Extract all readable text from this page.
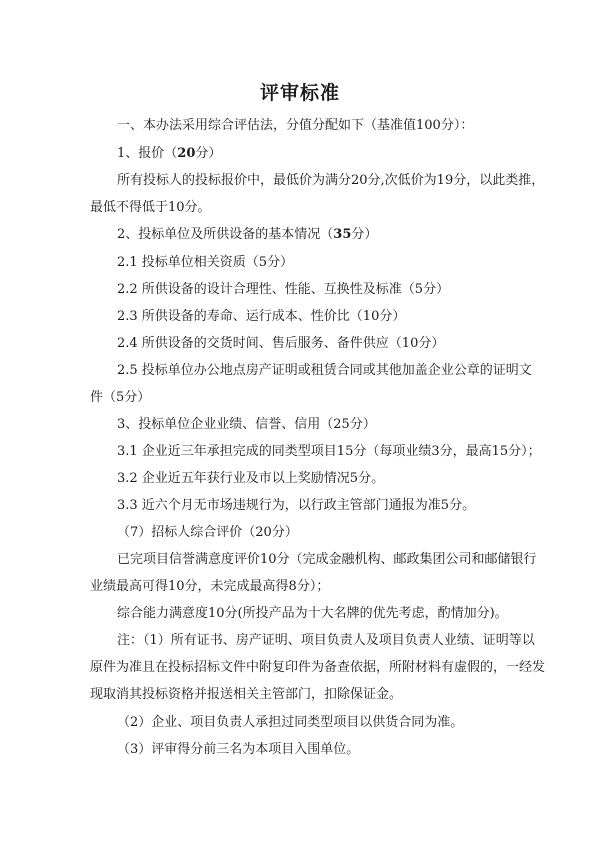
评审标准
一、本办法采用综合评估法，分值分配如下（基准值100分）：
1、报价（20分）
所有投标人的投标报价中，最低价为满分20分,次低价为19分，以此类推，
最低不得低于10分。
2、投标单位及所供设备的基本情况（35分）
2.1 投标单位相关资质（5分）
2.2 所供设备的设计合理性、性能、互换性及标准（5分）
2.3 所供设备的寿命、运行成本、性价比（10分）
2.4 所供设备的交货时间、售后服务、备件供应（10分）
2.5 投标单位办公地点房产证明或租赁合同或其他加盖企业公章的证明文
件（5分）
3、投标单位企业业绩、信誉、信用（25分）
3.1 企业近三年承担完成的同类型项目15分（每项业绩3分，最高15分）；
3.2 企业近五年获行业及市以上奖励情况5分。
3.3 近六个月无市场违规行为，以行政主管部门通报为准5分。
（7）招标人综合评价（20分）
已完项目信誉满意度评价10分（完成金融机构、邮政集团公司和邮储银行
业绩最高可得10分，未完成最高得8分）；
综合能力满意度10分(所投产品为十大名牌的优先考虑，酌情加分)。
注：（1）所有证书、房产证明、项目负责人及项目负责人业绩、证明等以
原件为准且在投标招标文件中附复印件为备查依据，所附材料有虚假的，一经发
现取消其投标资格并报送相关主管部门，扣除保证金。
（2）企业、项目负责人承担过同类型项目以供货合同为准。
（3）评审得分前三名为本项目入围单位。
